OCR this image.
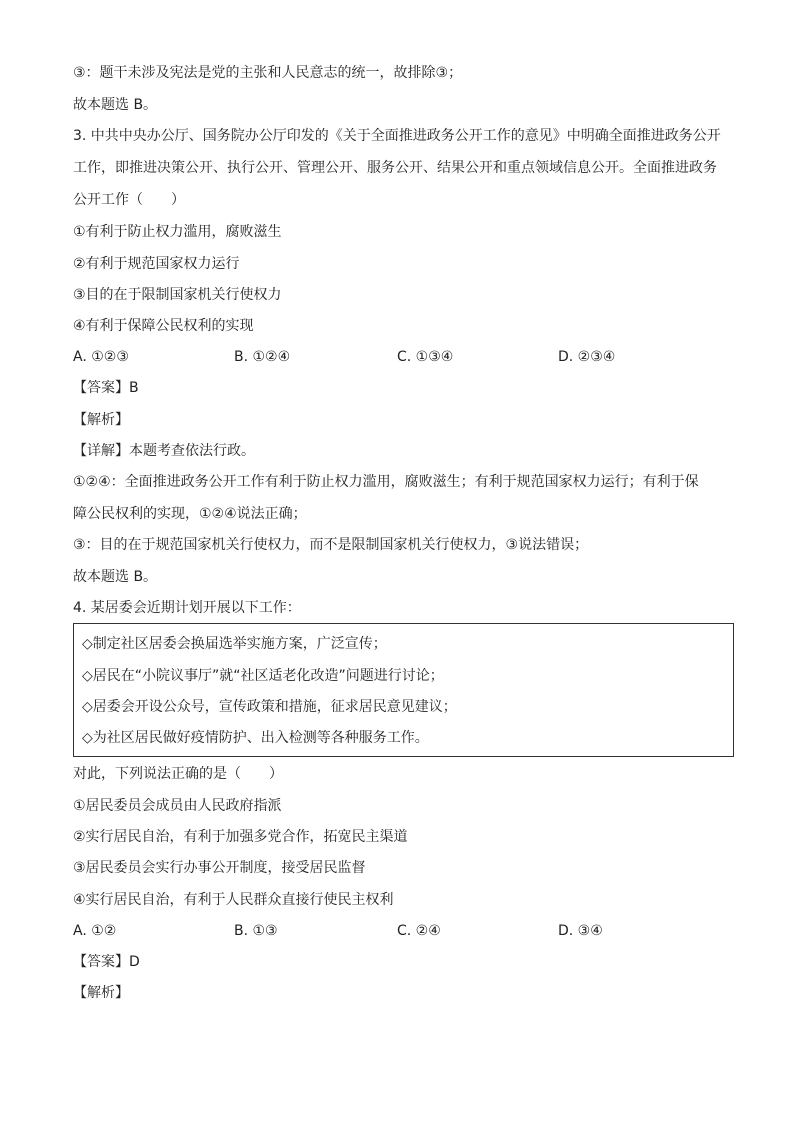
③：题干未涉及宪法是党的主张和人民意志的统一，故排除③；
故本题选 B。
3. 中共中央办公厅、国务院办公厅印发的《关于全面推进政务公开工作的意见》中明确全面推进政务公开
工作，即推进决策公开、执行公开、管理公开、服务公开、结果公开和重点领域信息公开。全面推进政务
公开工作（　　）
①有利于防止权力滥用，腐败滋生
②有利于规范国家权力运行
③目的在于限制国家机关行使权力
④有利于保障公民权利的实现
A. ①②③	B. ①②④	C. ①③④	D. ②③④
【答案】B
【解析】
【详解】本题考查依法行政。
①②④：全面推进政务公开工作有利于防止权力滥用，腐败滋生；有利于规范国家权力运行；有利于保
障公民权利的实现，①②④说法正确；
③：目的在于规范国家机关行使权力，而不是限制国家机关行使权力，③说法错误；
故本题选 B。
4. 某居委会近期计划开展以下工作：
◇制定社区居委会换届选举实施方案，广泛宣传；
◇居民在“小院议事厅”就“社区适老化改造”问题进行讨论；
◇居委会开设公众号，宣传政策和措施，征求居民意见建议；
◇为社区居民做好疫情防护、出入检测等各种服务工作。
对此，下列说法正确的是（　　）
①居民委员会成员由人民政府指派
②实行居民自治，有利于加强多党合作，拓宽民主渠道
③居民委员会实行办事公开制度，接受居民监督
④实行居民自治，有利于人民群众直接行使民主权利
A. ①②	B. ①③	C. ②④	D. ③④
【答案】D
【解析】
